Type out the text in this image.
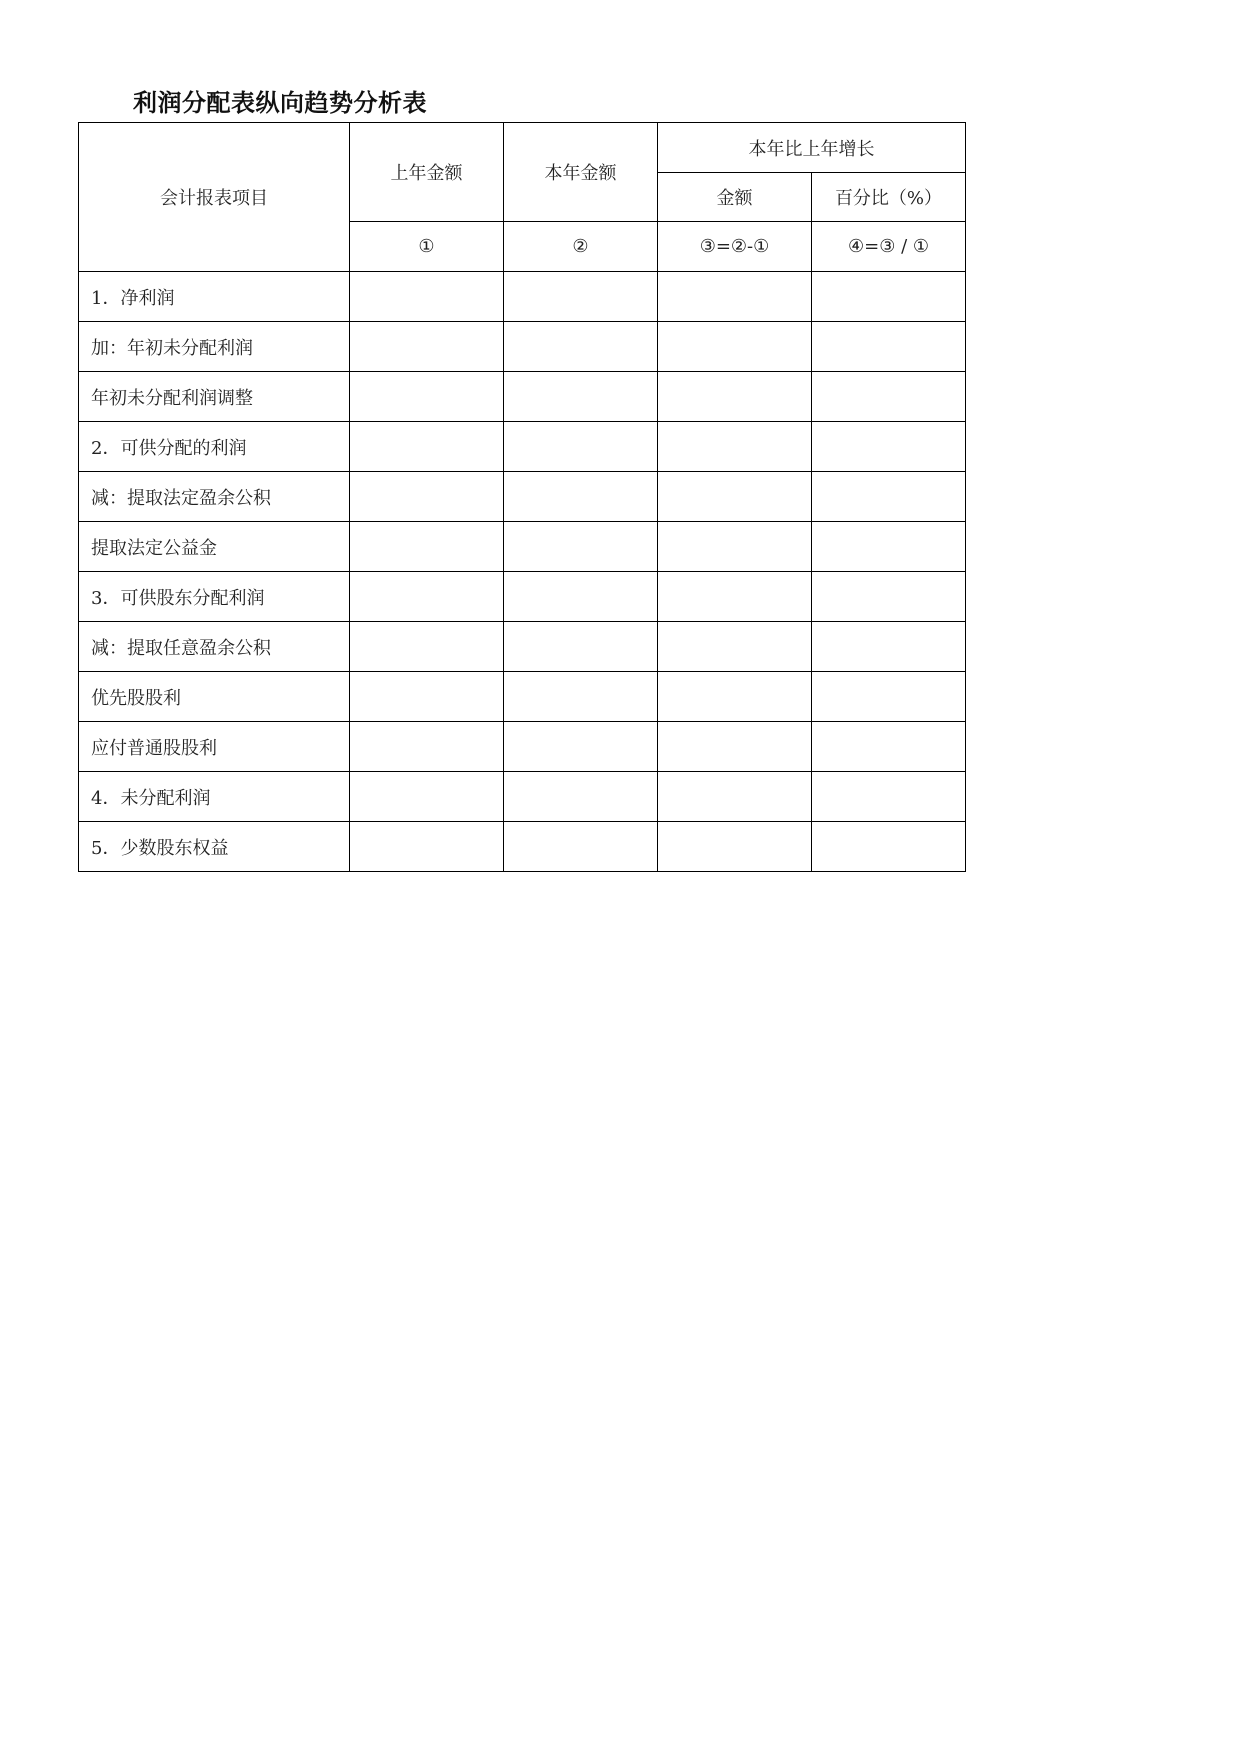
利润分配表纵向趋势分析表
会计报表项目	上年金额	本年金额	本年比上年增长	
			金额	百分比（%）
	①	②	③=②-①	④=③ / ①
1．净利润				
加：年初未分配利润				
年初未分配利润调整				
2．可供分配的利润				
减：提取法定盈余公积				
提取法定公益金				
3．可供股东分配利润				
减：提取任意盈余公积				
优先股股利				
应付普通股股利				
4．未分配利润				
5．少数股东权益				
